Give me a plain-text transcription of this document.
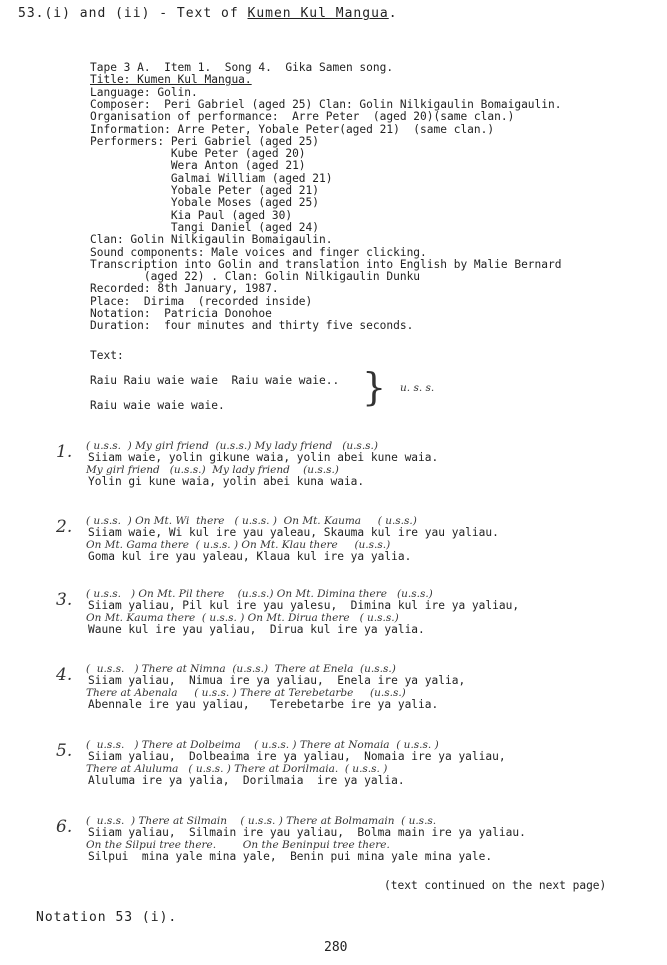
53.(i) and (ii) - Text of Kumen Kul Mangua.
Tape 3 A.  Item 1.  Song 4.  Gika Samen song.
Title: Kumen Kul Mangua.
Language: Golin.
Composer:  Peri Gabriel (aged 25) Clan: Golin Nilkigaulin Bomaigaulin.
Organisation of performance:  Arre Peter  (aged 20)(same clan.)
Information: Arre Peter, Yobale Peter(aged 21)  (same clan.)
Performers: Peri Gabriel (aged 25)
Kube Peter (aged 20)
Wera Anton (aged 21)
Galmai William (aged 21)
Yobale Peter (aged 21)
Yobale Moses (aged 25)
Kia Paul (aged 30)
Tangi Daniel (aged 24)
Clan: Golin Nilkigaulin Bomaigaulin.
Sound components: Male voices and finger clicking.
Transcription into Golin and translation into English by Malie Bernard
(aged 22) . Clan: Golin Nilkigaulin Dunku
Recorded: 8th January, 1987.
Place:  Dirima  (recorded inside)
Notation:  Patricia Donohoe
Duration:  four minutes and thirty five seconds.
Text:
Raiu Raiu waie waie  Raiu waie waie..
Raiu waie waie waie.	} u. s. s.
1. ( u.s.s.  ) My girl friend  (u.s.s.) My lady friend   (u.s.s.)
Siiam waie, yolin gikune waia, yolin abei kune waia.
My girl friend   (u.s.s.)  My lady friend    (u.s.s.)
Yolin gi kune waia, yolin abei kuna waia.
2. ( u.s.s.  ) On Mt. Wi  there   ( u.s.s. )  On Mt. Kauma     ( u.s.s.)
Siiam waie, Wi kul ire yau yaleau, Skauma kul ire yau yaliau.
On Mt. Gama there  ( u.s.s. ) On Mt. Klau there     (u.s.s.)
Goma kul ire yau yaleau, Klaua kul ire ya yalia.
3. ( u.s.s.   ) On Mt. Pil there    (u.s.s.) On Mt. Dimina there   (u.s.s.)
Siiam yaliau, Pil kul ire yau yalesu,  Dimina kul ire ya yaliau,
On Mt. Kauma there  ( u.s.s. ) On Mt. Dirua there   ( u.s.s.)
Waune kul ire yau yaliau,  Dirua kul ire ya yalia.
4. (  u.s.s.   ) There at Nimna  (u.s.s.)  There at Enela  (u.s.s.)
Siiam yaliau,  Nimua ire ya yaliau,  Enela ire ya yalia,
There at Abenala     ( u.s.s. ) There at Terebetarbe     (u.s.s.)
Abennale ire yau yaliau,   Terebetarbe ire ya yalia.
5. (  u.s.s.   ) There at Dolbeima    ( u.s.s. ) There at Nomaia  ( u.s.s. )
Siiam yaliau,  Dolbeaima ire ya yaliau,  Nomaia ire ya yaliau,
There at Aluluma   ( u.s.s. ) There at Dorilmaia.  ( u.s.s. )
Aluluma ire ya yalia,  Dorilmaia  ire ya yalia.
6. (  u.s.s.  ) There at Silmain    ( u.s.s. ) There at Bolmamain  ( u.s.s.
Siiam yaliau,  Silmain ire yau yaliau,  Bolma main ire ya yaliau.
On the Silpui tree there.        On the Beninpui tree there.
Silpui  mina yale mina yale,  Benin pui mina yale mina yale.
(text continued on the next page)
Notation 53 (i).
280
